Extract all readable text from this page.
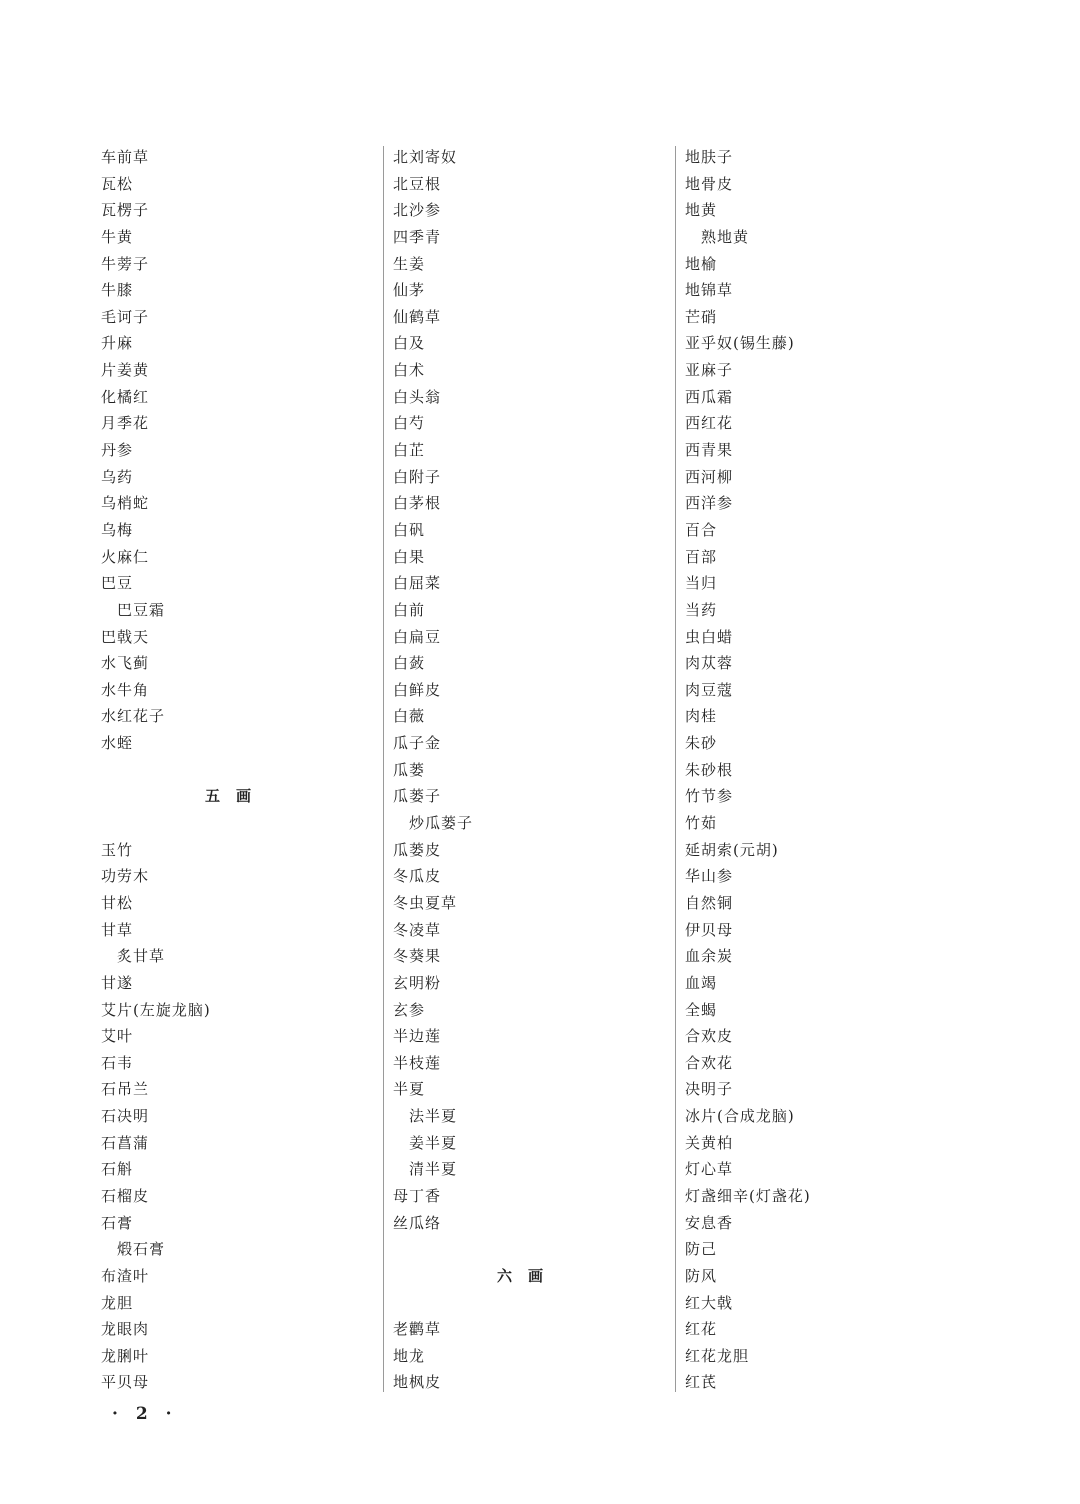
车前草
瓦松
瓦楞子
牛黄
牛蒡子
牛膝
毛诃子
升麻
片姜黄
化橘红
月季花
丹参
乌药
乌梢蛇
乌梅
火麻仁
巴豆
巴豆霜
巴戟天
水飞蓟
水牛角
水红花子
水蛭
五画
玉竹
功劳木
甘松
甘草
炙甘草
甘遂
艾片(左旋龙脑)
艾叶
石韦
石吊兰
石决明
石菖蒲
石斛
石榴皮
石膏
煅石膏
布渣叶
龙胆
龙眼肉
龙脷叶
平贝母
北刘寄奴
北豆根
北沙参
四季青
生姜
仙茅
仙鹤草
白及
白术
白头翁
白芍
白芷
白附子
白茅根
白矾
白果
白屈菜
白前
白扁豆
白蔹
白鲜皮
白薇
瓜子金
瓜蒌
瓜蒌子
炒瓜蒌子
瓜蒌皮
冬瓜皮
冬虫夏草
冬凌草
冬葵果
玄明粉
玄参
半边莲
半枝莲
半夏
法半夏
姜半夏
清半夏
母丁香
丝瓜络
六画
老鹳草
地龙
地枫皮
地肤子
地骨皮
地黄
熟地黄
地榆
地锦草
芒硝
亚乎奴(锡生藤)
亚麻子
西瓜霜
西红花
西青果
西河柳
西洋参
百合
百部
当归
当药
虫白蜡
肉苁蓉
肉豆蔻
肉桂
朱砂
朱砂根
竹节参
竹茹
延胡索(元胡)
华山参
自然铜
伊贝母
血余炭
血竭
全蝎
合欢皮
合欢花
决明子
冰片(合成龙脑)
关黄柏
灯心草
灯盏细辛(灯盏花)
安息香
防己
防风
红大戟
红花
红花龙胆
红芪
· 2 ·
